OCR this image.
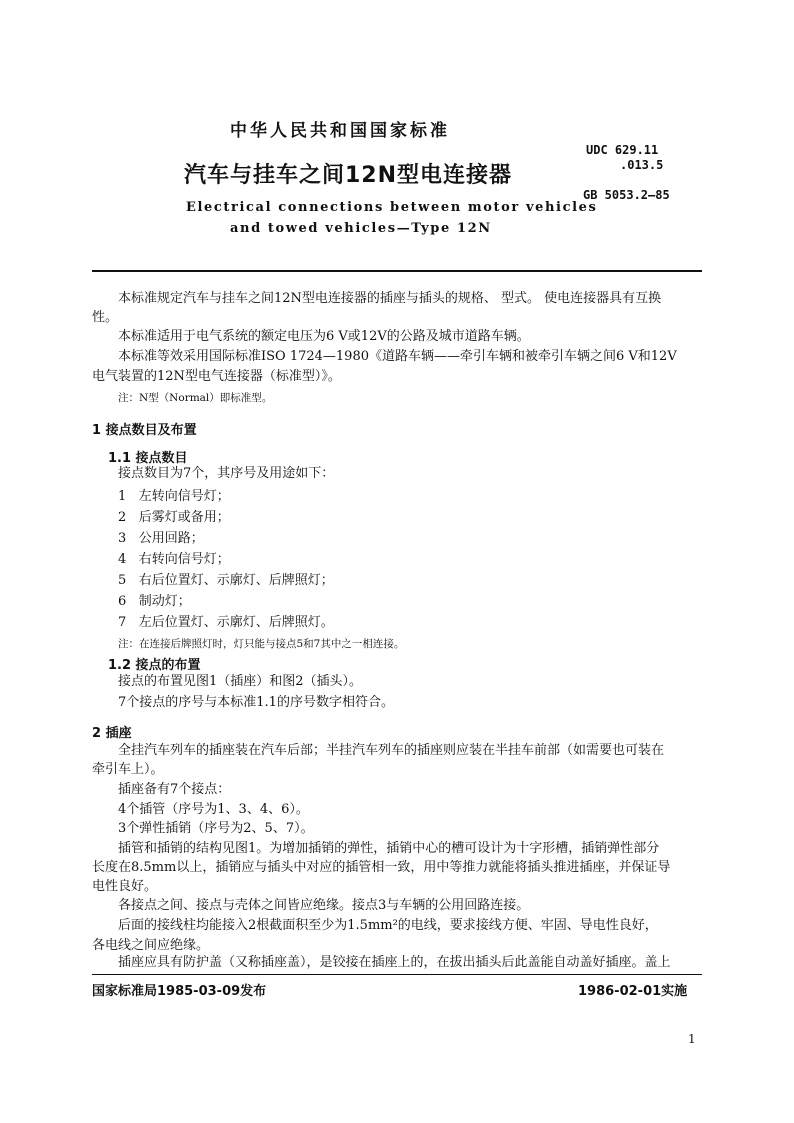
中华人民共和国国家标准
汽车与挂车之间12N型电连接器
Electrical connections between motor vehicles
and towed vehicles—Type 12N
UDC 629.11
.013.5
GB 5053.2—85
本标准规定汽车与挂车之间12N型电连接器的插座与插头的规格、 型式。 使电连接器具有互换
性。
本标准适用于电气系统的额定电压为6 V或12V的公路及城市道路车辆。
本标准等效采用国际标准ISO 1724—1980《道路车辆——牵引车辆和被牵引车辆之间6 V和12V
电气装置的12N型电气连接器（标准型）》。
注：N型（Normal）即标准型。
1 接点数目及布置
1.1 接点数目
接点数目为7个，其序号及用途如下：
1 左转向信号灯；
2 后雾灯或备用；
3 公用回路；
4 右转向信号灯；
5 右后位置灯、示廓灯、后牌照灯；
6 制动灯；
7 左后位置灯、示廓灯、后牌照灯。
注：在连接后牌照灯时，灯只能与接点5和7其中之一相连接。
1.2 接点的布置
接点的布置见图1（插座）和图2（插头）。
7个接点的序号与本标准1.1的序号数字相符合。
2 插座
全挂汽车列车的插座装在汽车后部；半挂汽车列车的插座则应装在半挂车前部（如需要也可装在
牵引车上）。
插座备有7个接点：
4个插管（序号为1、3、4、6）。
3个弹性插销（序号为2、5、7）。
插管和插销的结构见图1。为增加插销的弹性，插销中心的槽可设计为十字形槽，插销弹性部分
长度在8.5mm以上，插销应与插头中对应的插管相一致，用中等推力就能将插头推进插座，并保证导
电性良好。
各接点之间、接点与壳体之间皆应绝缘。接点3与车辆的公用回路连接。
后面的接线柱均能接入2根截面积至少为1.5mm²的电线，要求接线方便、牢固、导电性良好，
各电线之间应绝缘。
国家标准局1985-03-09发布	1986-02-01实施
1
插座应具有防护盖（又称插座盖），是铰接在插座上的，在拔出插头后此盖能自动盖好插座。盖上
